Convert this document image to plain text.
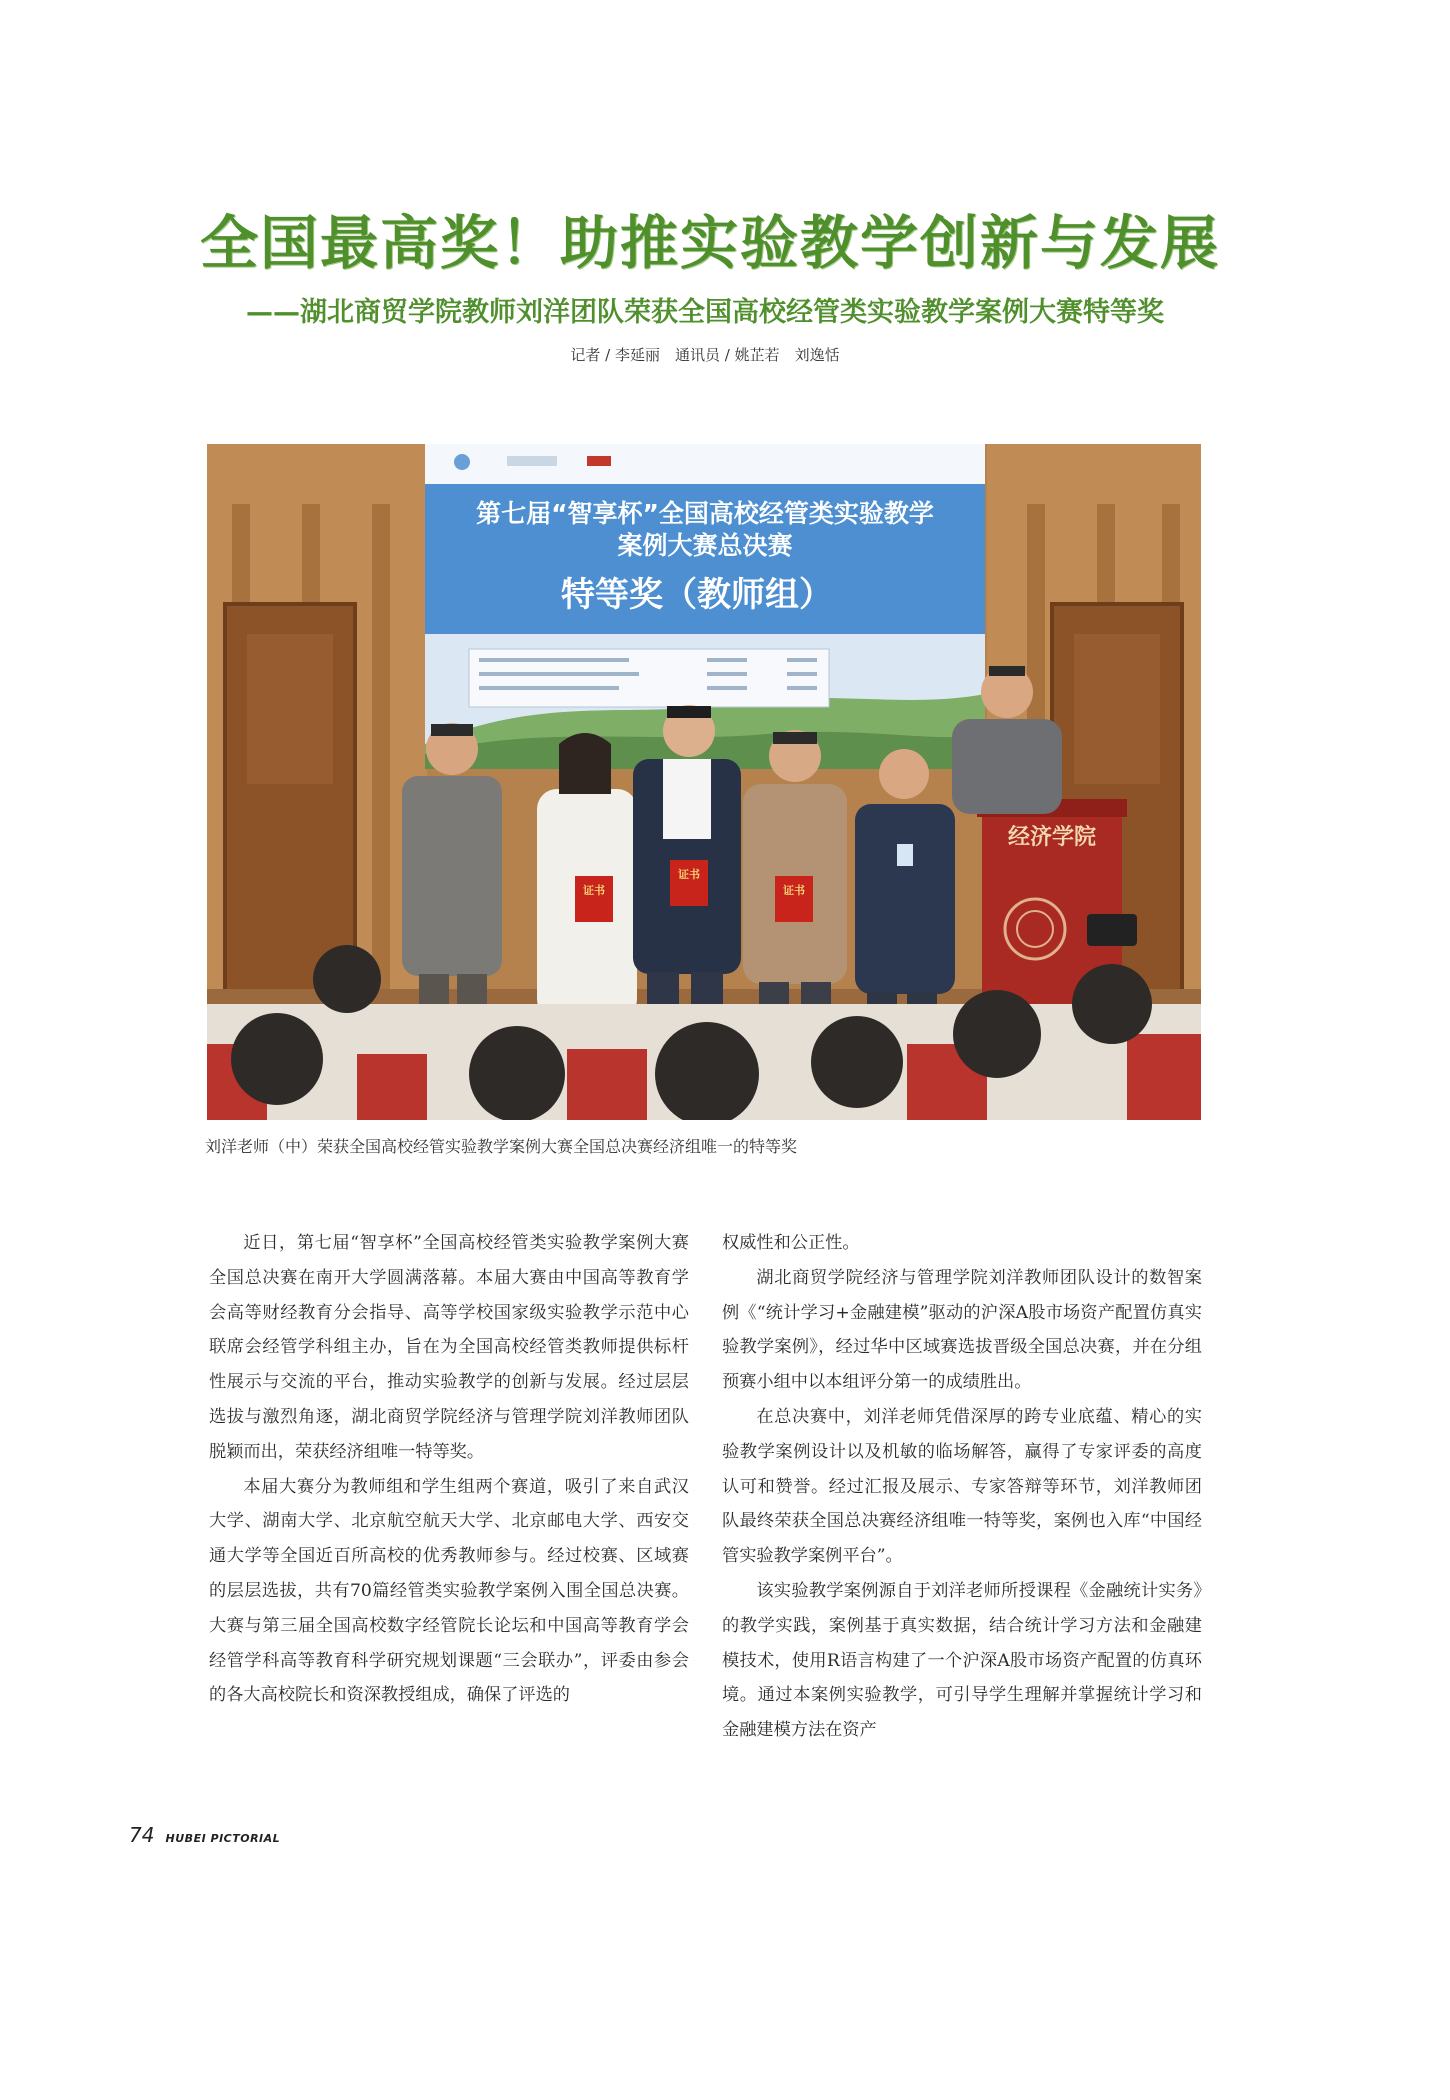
全国最高奖！助推实验教学创新与发展
——湖北商贸学院教师刘洋团队荣获全国高校经管类实验教学案例大赛特等奖
记者 / 李延丽　通讯员 / 姚芷若　刘逸恬
第七届“智享杯”全国高校经管类实验教学
案例大赛总决赛
特等奖（教师组）
经济学院
证书
证书
证书
刘洋老师（中）荣获全国高校经管实验教学案例大赛全国总决赛经济组唯一的特等奖

近日，第七届“智享杯”全国高校经管类实验教学案例大赛全国总决赛在南开大学圆满落幕。本届大赛由中国高等教育学会高等财经教育分会指导、高等学校国家级实验教学示范中心联席会经管学科组主办，旨在为全国高校经管类教师提供标杆性展示与交流的平台，推动实验教学的创新与发展。经过层层选拔与激烈角逐，湖北商贸学院经济与管理学院刘洋教师团队脱颖而出，荣获经济组唯一特等奖。

本届大赛分为教师组和学生组两个赛道，吸引了来自武汉大学、湖南大学、北京航空航天大学、北京邮电大学、西安交通大学等全国近百所高校的优秀教师参与。经过校赛、区域赛的层层选拔，共有70篇经管类实验教学案例入围全国总决赛。大赛与第三届全国高校数字经管院长论坛和中国高等教育学会经管学科高等教育科学研究规划课题“三会联办”，评委由参会的各大高校院长和资深教授组成，确保了评选的

权威性和公正性。

湖北商贸学院经济与管理学院刘洋教师团队设计的数智案例《“统计学习+金融建模”驱动的沪深A股市场资产配置仿真实验教学案例》，经过华中区域赛选拔晋级全国总决赛，并在分组预赛小组中以本组评分第一的成绩胜出。

在总决赛中，刘洋老师凭借深厚的跨专业底蕴、精心的实验教学案例设计以及机敏的临场解答，赢得了专家评委的高度认可和赞誉。经过汇报及展示、专家答辩等环节，刘洋教师团队最终荣获全国总决赛经济组唯一特等奖，案例也入库“中国经管实验教学案例平台”。

该实验教学案例源自于刘洋老师所授课程《金融统计实务》的教学实践，案例基于真实数据，结合统计学习方法和金融建模技术，使用R语言构建了一个沪深A股市场资产配置的仿真环境。通过本案例实验教学，可引导学生理解并掌握统计学习和金融建模方法在资产

74 HUBEI PICTORIAL
